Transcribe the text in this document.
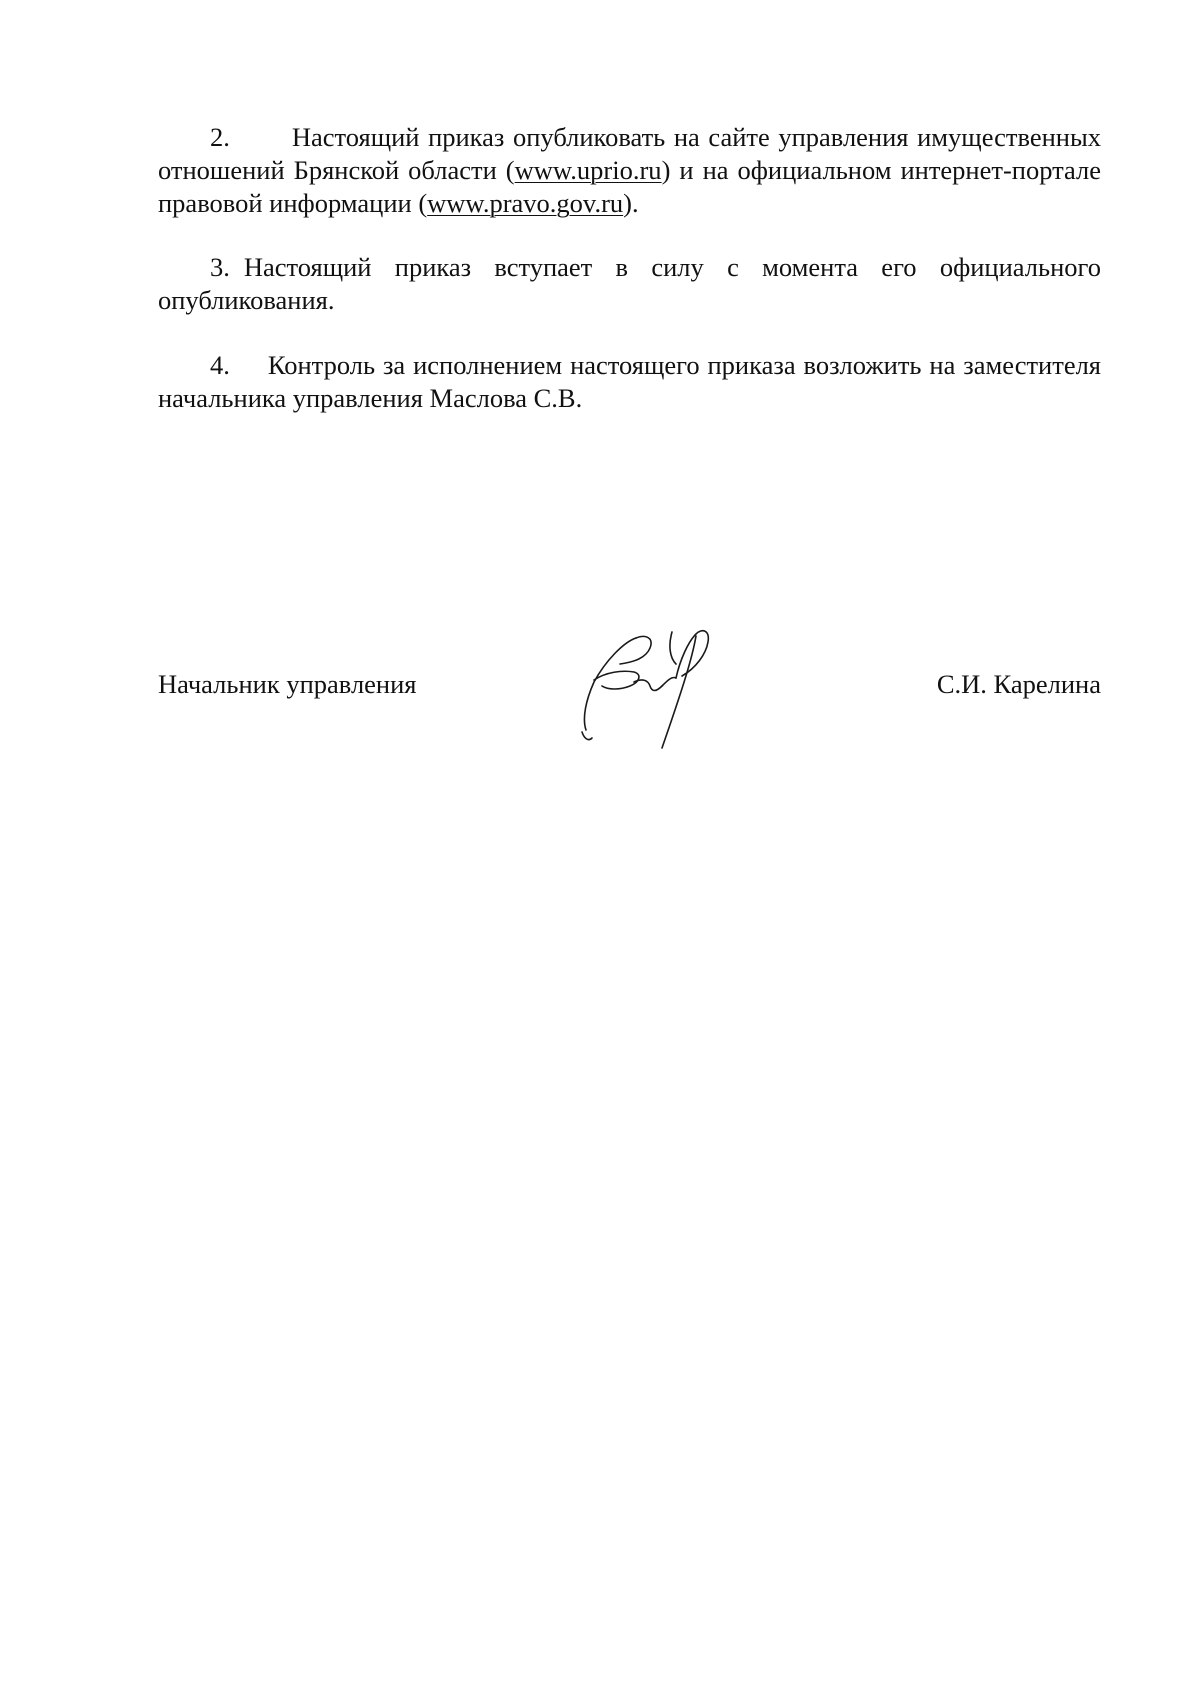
2. Настоящий приказ опубликовать на сайте управления имущественных отношений Брянской области (www.uprio.ru) и на официальном интернет-портале правовой информации (www.pravo.gov.ru).
3. Настоящий приказ вступает в силу с момента его официального опубликования.
4. Контроль за исполнением настоящего приказа возложить на заместителя начальника управления Маслова С.В.
Начальник управления	С.И. Карелина
